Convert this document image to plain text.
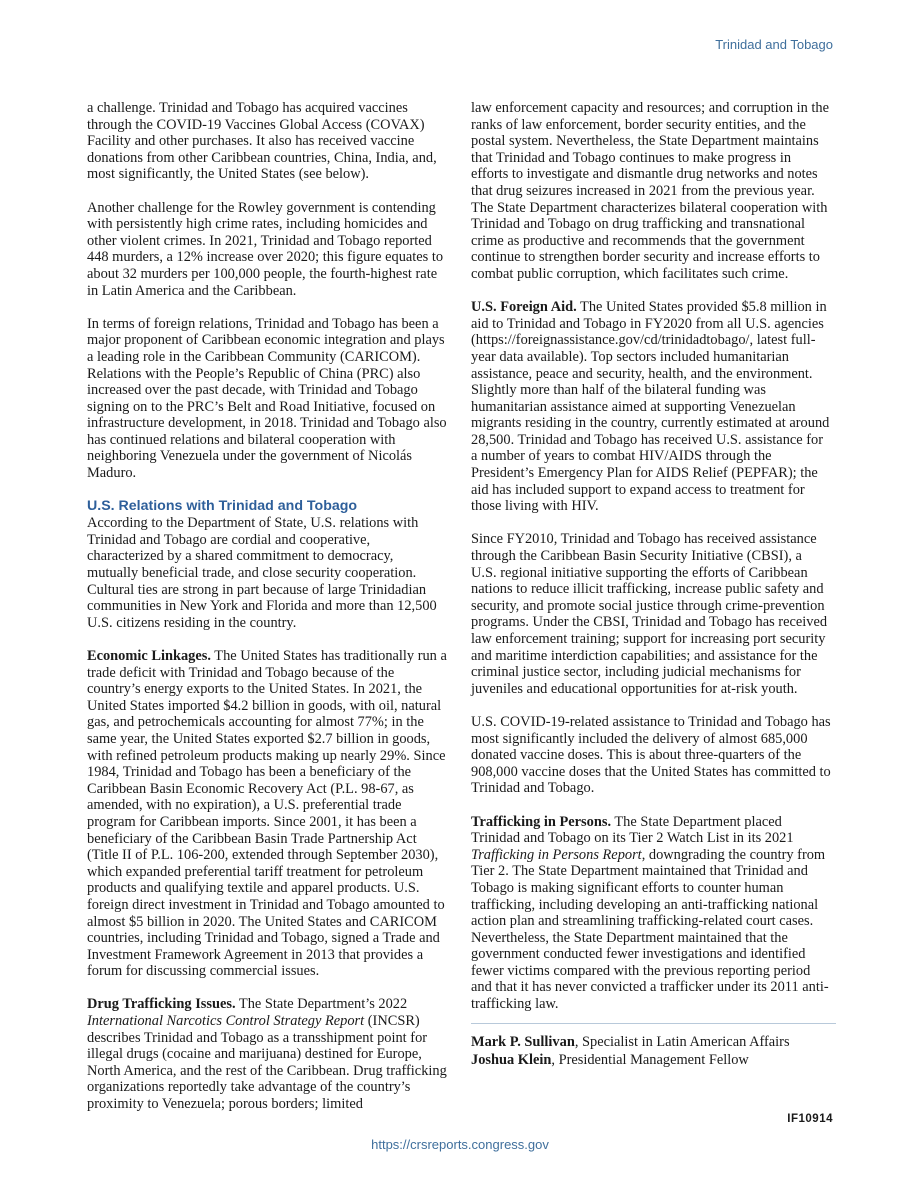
Trinidad and Tobago

a challenge. Trinidad and Tobago has acquired vaccines through the COVID-19 Vaccines Global Access (COVAX) Facility and other purchases. It also has received vaccine donations from other Caribbean countries, China, India, and, most significantly, the United States (see below).

Another challenge for the Rowley government is contending with persistently high crime rates, including homicides and other violent crimes. In 2021, Trinidad and Tobago reported 448 murders, a 12% increase over 2020; this figure equates to about 32 murders per 100,000 people, the fourth-highest rate in Latin America and the Caribbean.

In terms of foreign relations, Trinidad and Tobago has been a major proponent of Caribbean economic integration and plays a leading role in the Caribbean Community (CARICOM). Relations with the People’s Republic of China (PRC) also increased over the past decade, with Trinidad and Tobago signing on to the PRC’s Belt and Road Initiative, focused on infrastructure development, in 2018. Trinidad and Tobago also has continued relations and bilateral cooperation with neighboring Venezuela under the government of Nicolás Maduro.

U.S. Relations with Trinidad and Tobago

According to the Department of State, U.S. relations with Trinidad and Tobago are cordial and cooperative, characterized by a shared commitment to democracy, mutually beneficial trade, and close security cooperation. Cultural ties are strong in part because of large Trinidadian communities in New York and Florida and more than 12,500 U.S. citizens residing in the country.

Economic Linkages. The United States has traditionally run a trade deficit with Trinidad and Tobago because of the country’s energy exports to the United States. In 2021, the United States imported $4.2 billion in goods, with oil, natural gas, and petrochemicals accounting for almost 77%; in the same year, the United States exported $2.7 billion in goods, with refined petroleum products making up nearly 29%. Since 1984, Trinidad and Tobago has been a beneficiary of the Caribbean Basin Economic Recovery Act (P.L. 98-67, as amended, with no expiration), a U.S. preferential trade program for Caribbean imports. Since 2001, it has been a beneficiary of the Caribbean Basin Trade Partnership Act (Title II of P.L. 106-200, extended through September 2030), which expanded preferential tariff treatment for petroleum products and qualifying textile and apparel products. U.S. foreign direct investment in Trinidad and Tobago amounted to almost $5 billion in 2020. The United States and CARICOM countries, including Trinidad and Tobago, signed a Trade and Investment Framework Agreement in 2013 that provides a forum for discussing commercial issues.

Drug Trafficking Issues. The State Department’s 2022 International Narcotics Control Strategy Report (INCSR) describes Trinidad and Tobago as a transshipment point for illegal drugs (cocaine and marijuana) destined for Europe, North America, and the rest of the Caribbean. Drug trafficking organizations reportedly take advantage of the country’s proximity to Venezuela; porous borders; limited

law enforcement capacity and resources; and corruption in the ranks of law enforcement, border security entities, and the postal system. Nevertheless, the State Department maintains that Trinidad and Tobago continues to make progress in efforts to investigate and dismantle drug networks and notes that drug seizures increased in 2021 from the previous year. The State Department characterizes bilateral cooperation with Trinidad and Tobago on drug trafficking and transnational crime as productive and recommends that the government continue to strengthen border security and increase efforts to combat public corruption, which facilitates such crime.

U.S. Foreign Aid. The United States provided $5.8 million in aid to Trinidad and Tobago in FY2020 from all U.S. agencies (https://foreignassistance.gov/cd/trinidadtobago/, latest full-year data available). Top sectors included humanitarian assistance, peace and security, health, and the environment. Slightly more than half of the bilateral funding was humanitarian assistance aimed at supporting Venezuelan migrants residing in the country, currently estimated at around 28,500. Trinidad and Tobago has received U.S. assistance for a number of years to combat HIV/AIDS through the President’s Emergency Plan for AIDS Relief (PEPFAR); the aid has included support to expand access to treatment for those living with HIV.

Since FY2010, Trinidad and Tobago has received assistance through the Caribbean Basin Security Initiative (CBSI), a U.S. regional initiative supporting the efforts of Caribbean nations to reduce illicit trafficking, increase public safety and security, and promote social justice through crime-prevention programs. Under the CBSI, Trinidad and Tobago has received law enforcement training; support for increasing port security and maritime interdiction capabilities; and assistance for the criminal justice sector, including judicial mechanisms for juveniles and educational opportunities for at-risk youth.

U.S. COVID-19-related assistance to Trinidad and Tobago has most significantly included the delivery of almost 685,000 donated vaccine doses. This is about three-quarters of the 908,000 vaccine doses that the United States has committed to Trinidad and Tobago.

Trafficking in Persons. The State Department placed Trinidad and Tobago on its Tier 2 Watch List in its 2021 Trafficking in Persons Report, downgrading the country from Tier 2. The State Department maintained that Trinidad and Tobago is making significant efforts to counter human trafficking, including developing an anti-trafficking national action plan and streamlining trafficking-related court cases. Nevertheless, the State Department maintained that the government conducted fewer investigations and identified fewer victims compared with the previous reporting period and that it has never convicted a trafficker under its 2011 anti-trafficking law.

Mark P. Sullivan, Specialist in Latin American Affairs
Joshua Klein, Presidential Management Fellow
IF10914
https://crsreports.congress.gov
